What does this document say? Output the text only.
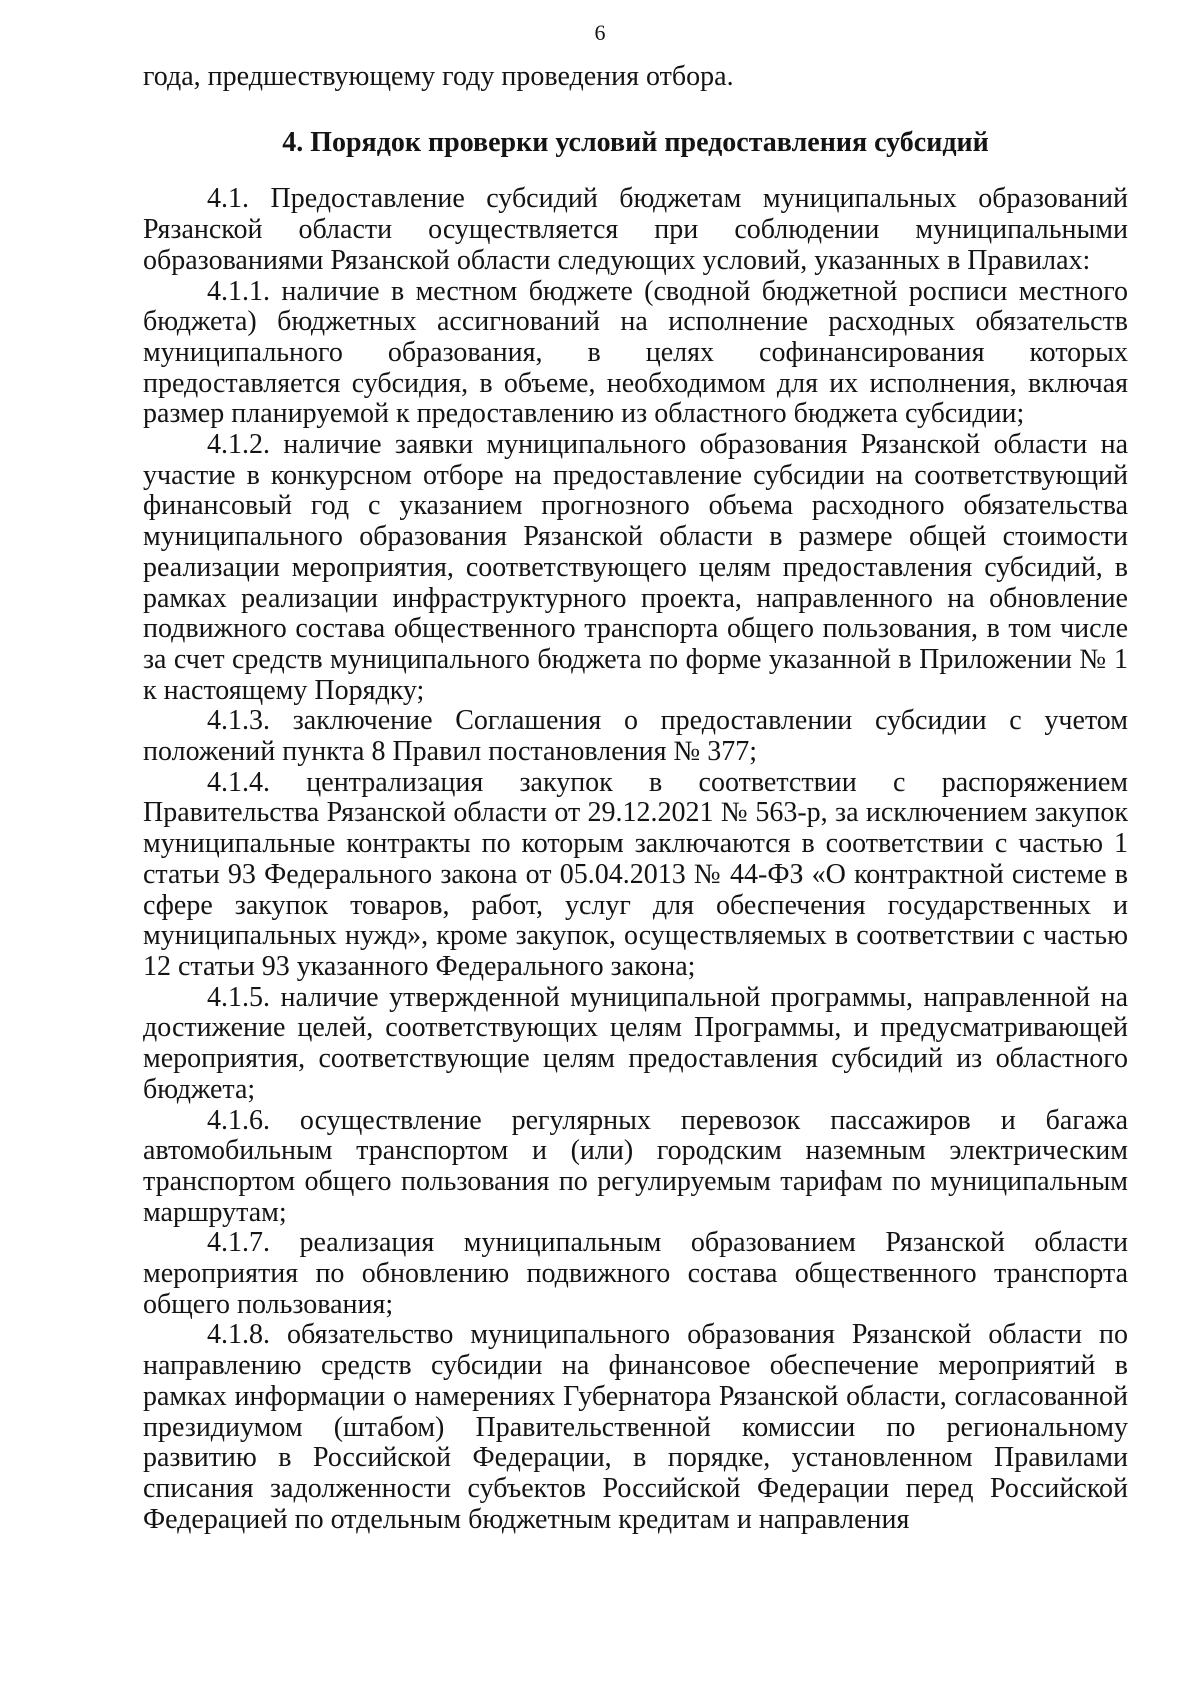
6

года, предшествующему году проведения отбора.

4. Порядок проверки условий предоставления субсидий

4.1. Предоставление субсидий бюджетам муниципальных образований Рязанской области осуществляется при соблюдении муниципальными образованиями Рязанской области следующих условий, указанных в Правилах:

4.1.1. наличие в местном бюджете (сводной бюджетной росписи местного бюджета) бюджетных ассигнований на исполнение расходных обязательств муниципального образования, в целях софинансирования которых предоставляется субсидия, в объеме, необходимом для их исполнения, включая размер планируемой к предоставлению из областного бюджета субсидии;

4.1.2. наличие заявки муниципального образования Рязанской области на участие в конкурсном отборе на предоставление субсидии на соответствующий финансовый год с указанием прогнозного объема расходного обязательства муниципального образования Рязанской области в размере общей стоимости реализации мероприятия, соответствующего целям предоставления субсидий, в рамках реализации инфраструктурного проекта, направленного на обновление подвижного состава общественного транспорта общего пользования, в том числе за счет средств муниципального бюджета по форме указанной в Приложении № 1 к настоящему Порядку;

4.1.3. заключение Соглашения о предоставлении субсидии с учетом положений пункта 8 Правил постановления № 377;

4.1.4. централизация закупок в соответствии с распоряжением Правительства Рязанской области от 29.12.2021 № 563-р, за исключением закупок муниципальные контракты по которым заключаются в соответствии с частью 1 статьи 93 Федерального закона от 05.04.2013 № 44-ФЗ «О контрактной системе в сфере закупок товаров, работ, услуг для обеспечения государственных и муниципальных нужд», кроме закупок, осуществляемых в соответствии с частью 12 статьи 93 указанного Федерального закона;

4.1.5. наличие утвержденной муниципальной программы, направленной на достижение целей, соответствующих целям Программы, и предусматривающей мероприятия, соответствующие целям предоставления субсидий из областного бюджета;

4.1.6. осуществление регулярных перевозок пассажиров и багажа автомобильным транспортом и (или) городским наземным электрическим транспортом общего пользования по регулируемым тарифам по муниципальным маршрутам;

4.1.7. реализация муниципальным образованием Рязанской области мероприятия по обновлению подвижного состава общественного транспорта общего пользования;

4.1.8. обязательство муниципального образования Рязанской области по направлению средств субсидии на финансовое обеспечение мероприятий в рамках информации о намерениях Губернатора Рязанской области, согласованной президиумом (штабом) Правительственной комиссии по региональному развитию в Российской Федерации, в порядке, установленном Правилами списания задолженности субъектов Российской Федерации перед Российской Федерацией по отдельным бюджетным кредитам и направления
